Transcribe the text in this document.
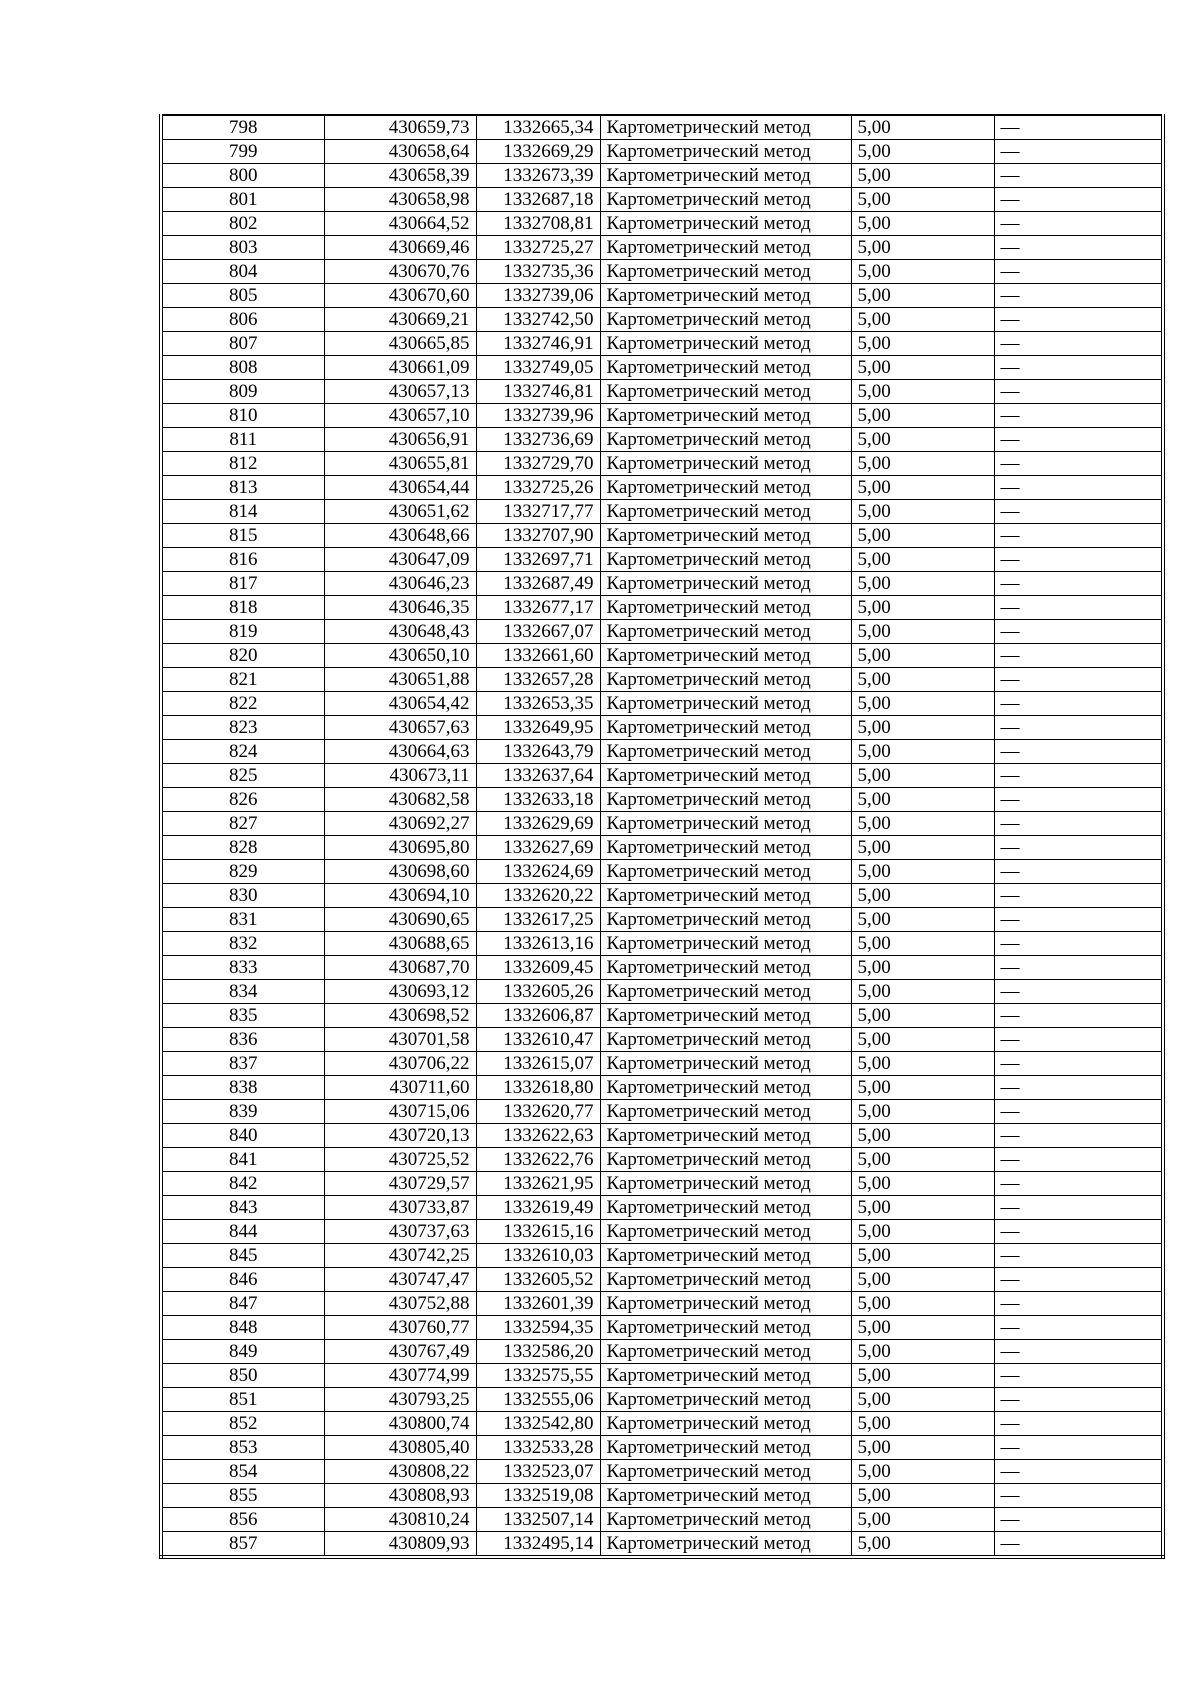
798	430659,73	1332665,34	Картометрический метод	5,00	—
799	430658,64	1332669,29	Картометрический метод	5,00	—
800	430658,39	1332673,39	Картометрический метод	5,00	—
801	430658,98	1332687,18	Картометрический метод	5,00	—
802	430664,52	1332708,81	Картометрический метод	5,00	—
803	430669,46	1332725,27	Картометрический метод	5,00	—
804	430670,76	1332735,36	Картометрический метод	5,00	—
805	430670,60	1332739,06	Картометрический метод	5,00	—
806	430669,21	1332742,50	Картометрический метод	5,00	—
807	430665,85	1332746,91	Картометрический метод	5,00	—
808	430661,09	1332749,05	Картометрический метод	5,00	—
809	430657,13	1332746,81	Картометрический метод	5,00	—
810	430657,10	1332739,96	Картометрический метод	5,00	—
811	430656,91	1332736,69	Картометрический метод	5,00	—
812	430655,81	1332729,70	Картометрический метод	5,00	—
813	430654,44	1332725,26	Картометрический метод	5,00	—
814	430651,62	1332717,77	Картометрический метод	5,00	—
815	430648,66	1332707,90	Картометрический метод	5,00	—
816	430647,09	1332697,71	Картометрический метод	5,00	—
817	430646,23	1332687,49	Картометрический метод	5,00	—
818	430646,35	1332677,17	Картометрический метод	5,00	—
819	430648,43	1332667,07	Картометрический метод	5,00	—
820	430650,10	1332661,60	Картометрический метод	5,00	—
821	430651,88	1332657,28	Картометрический метод	5,00	—
822	430654,42	1332653,35	Картометрический метод	5,00	—
823	430657,63	1332649,95	Картометрический метод	5,00	—
824	430664,63	1332643,79	Картометрический метод	5,00	—
825	430673,11	1332637,64	Картометрический метод	5,00	—
826	430682,58	1332633,18	Картометрический метод	5,00	—
827	430692,27	1332629,69	Картометрический метод	5,00	—
828	430695,80	1332627,69	Картометрический метод	5,00	—
829	430698,60	1332624,69	Картометрический метод	5,00	—
830	430694,10	1332620,22	Картометрический метод	5,00	—
831	430690,65	1332617,25	Картометрический метод	5,00	—
832	430688,65	1332613,16	Картометрический метод	5,00	—
833	430687,70	1332609,45	Картометрический метод	5,00	—
834	430693,12	1332605,26	Картометрический метод	5,00	—
835	430698,52	1332606,87	Картометрический метод	5,00	—
836	430701,58	1332610,47	Картометрический метод	5,00	—
837	430706,22	1332615,07	Картометрический метод	5,00	—
838	430711,60	1332618,80	Картометрический метод	5,00	—
839	430715,06	1332620,77	Картометрический метод	5,00	—
840	430720,13	1332622,63	Картометрический метод	5,00	—
841	430725,52	1332622,76	Картометрический метод	5,00	—
842	430729,57	1332621,95	Картометрический метод	5,00	—
843	430733,87	1332619,49	Картометрический метод	5,00	—
844	430737,63	1332615,16	Картометрический метод	5,00	—
845	430742,25	1332610,03	Картометрический метод	5,00	—
846	430747,47	1332605,52	Картометрический метод	5,00	—
847	430752,88	1332601,39	Картометрический метод	5,00	—
848	430760,77	1332594,35	Картометрический метод	5,00	—
849	430767,49	1332586,20	Картометрический метод	5,00	—
850	430774,99	1332575,55	Картометрический метод	5,00	—
851	430793,25	1332555,06	Картометрический метод	5,00	—
852	430800,74	1332542,80	Картометрический метод	5,00	—
853	430805,40	1332533,28	Картометрический метод	5,00	—
854	430808,22	1332523,07	Картометрический метод	5,00	—
855	430808,93	1332519,08	Картометрический метод	5,00	—
856	430810,24	1332507,14	Картометрический метод	5,00	—
857	430809,93	1332495,14	Картометрический метод	5,00	—
